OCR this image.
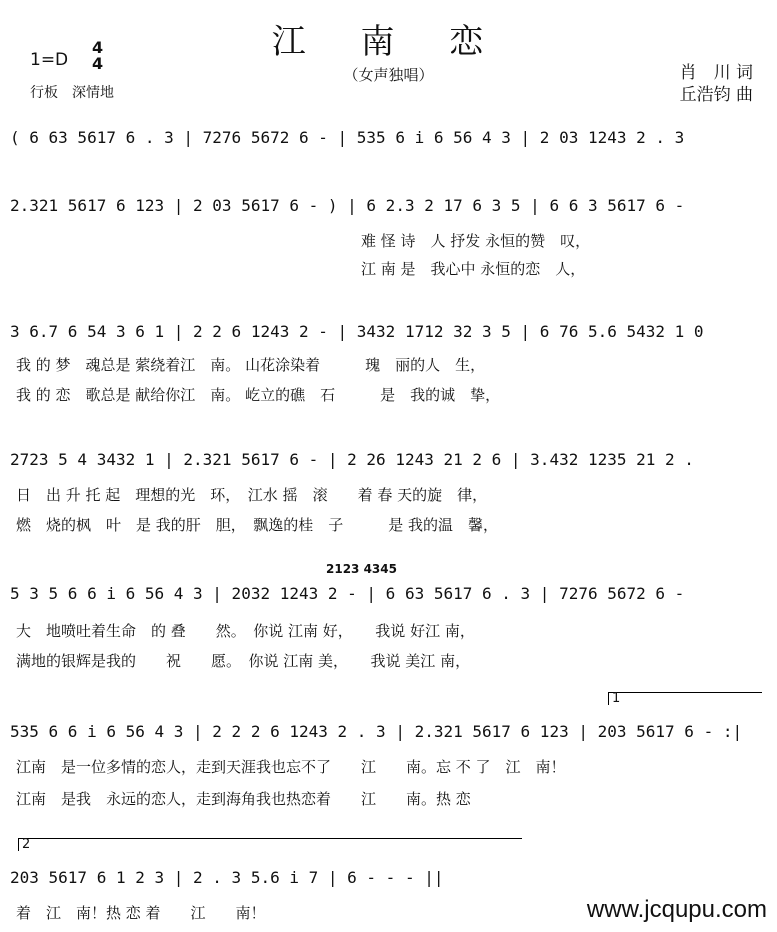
江 南 恋
（女声独唱）
1=D
4
4
行板　深情地
肖　川 词
丘浩钧 曲
( 6 63 5617 6 . 3 | 7276 5672 6 - | 535 6 i 6 56 4 3 | 2 03 1243 2 . 3
2.321 5617 6 123 | 2 03 5617 6 - ) | 6 2.3 2 17 6 3 5 | 6 6 3 5617 6 -
　　　　　　　　　　　　　　　　　　　　　　　难 怪 诗　人 抒发 永恒的赞　叹，
　　　　　　　　　　　　　　　　　　　　　　　江 南 是　我心中 永恒的恋　人，
3 6.7 6 54 3 6 1 | 2 2 6 1243 2 - | 3432 1712 32 3 5 | 6 76 5.6 5432 1 0
我 的 梦　魂总是 萦绕着江　南。 山花涂染着　　　瑰　丽的人　生，
我 的 恋　歌总是 献给你江　南。 屹立的礁　石　　　是　我的诚　挚，
2723 5 4 3432 1 | 2.321 5617 6 - | 2 26 1243 21 2 6 | 3.432 1235 21 2 .
日　出 升 托 起　理想的光　环，　江水 摇　滚　　着 春 天的旋　律，
燃　烧的枫　叶　是 我的肝　胆，　飘逸的桂　子　　　是 我的温　馨，
2123 4345
5 3 5 6 6 i 6 56 4 3 | 2032 1243 2 - | 6 63 5617 6 . 3 | 7276 5672 6 -
大　地喷吐着生命　的 叠　　然。　你说 江南 好，　　我说 好江 南，
满地的银辉是我的　　祝　　愿。　你说 江南 美，　　我说 美江 南，
1
535 6 6 i 6 56 4 3 | 2 2 2 6 1243 2 . 3 | 2.321 5617 6 123 | 203 5617 6 - :|
江南　是一位多情的恋人，走到天涯我也忘不了　　江　　南。忘 不 了　江　南！
江南　是我　永远的恋人，走到海角我也热恋着　　江　　南。热 恋
2
203 5617 6 1 2 3 | 2 . 3 5.6 i 7 | 6 - - - ||
着　江　南！热 恋 着　　江　　南！	www.jcqupu.com
